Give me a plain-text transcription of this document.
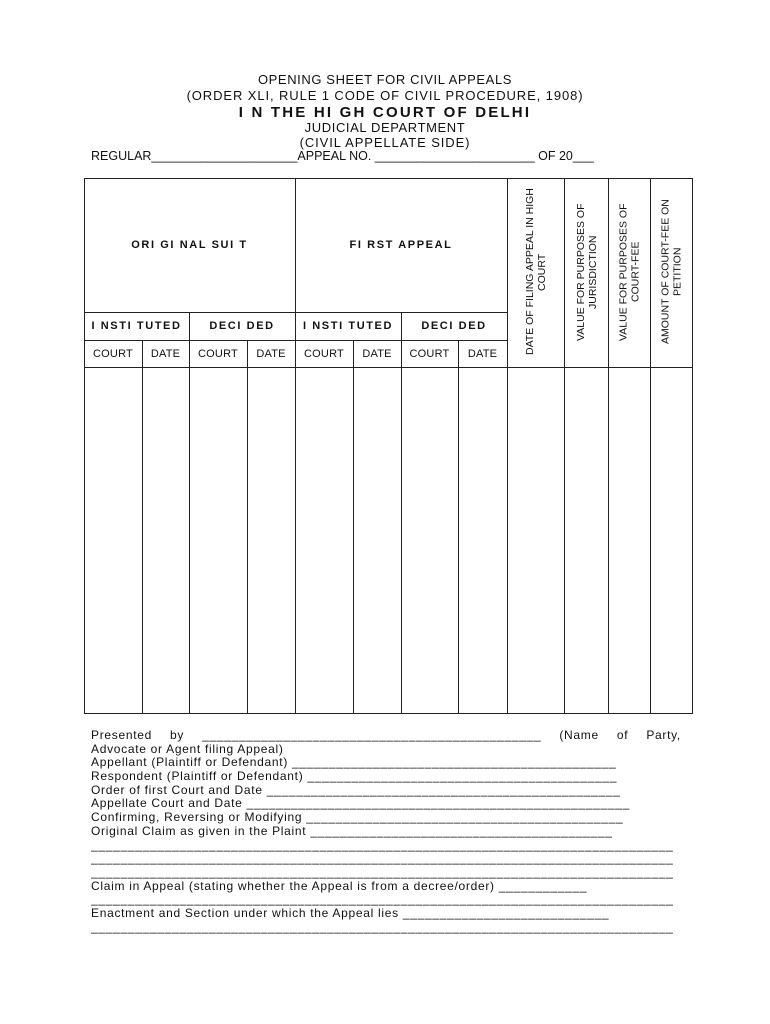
OPENING SHEET FOR CIVIL APPEALS
(ORDER XLI, RULE 1 CODE OF CIVIL PROCEDURE, 1908)
I N THE HI GH COURT OF DELHI
JUDICIAL DEPARTMENT
(CIVIL APPELLATE SIDE)
REGULAR_____________________APPEAL NO. _______________________ OF 20___
ORI GI NAL SUI T	FI RST APPEAL
I NSTI TUTED	DECI DED	I NSTI TUTED	DECI DED
COURT	DATE	COURT	DATE	COURT	DATE	COURT	DATE	DATE OF FILING APPEAL IN HIGH COURT	VALUE FOR PURPOSES OF JURISDICTION	VALUE FOR PURPOSES OF COURT-FEE	AMOUNT OF COURT-FEE ON PETITION
Presented by ______________________________________________ (Name of Party,
Advocate or Agent filing Appeal)
Appellant (Plaintiff or Defendant) ____________________________________________
Respondent (Plaintiff or Defendant) __________________________________________
Order of first Court and Date ________________________________________________
Appellate Court and Date ____________________________________________________
Confirming, Reversing or Modifying ___________________________________________
Original Claim as given in the Plaint _________________________________________
_______________________________________________________________________________
_______________________________________________________________________________
_______________________________________________________________________________
Claim in Appeal (stating whether the Appeal is from a decree/order) ____________
_______________________________________________________________________________
Enactment and Section under which the Appeal lies ____________________________
_______________________________________________________________________________
